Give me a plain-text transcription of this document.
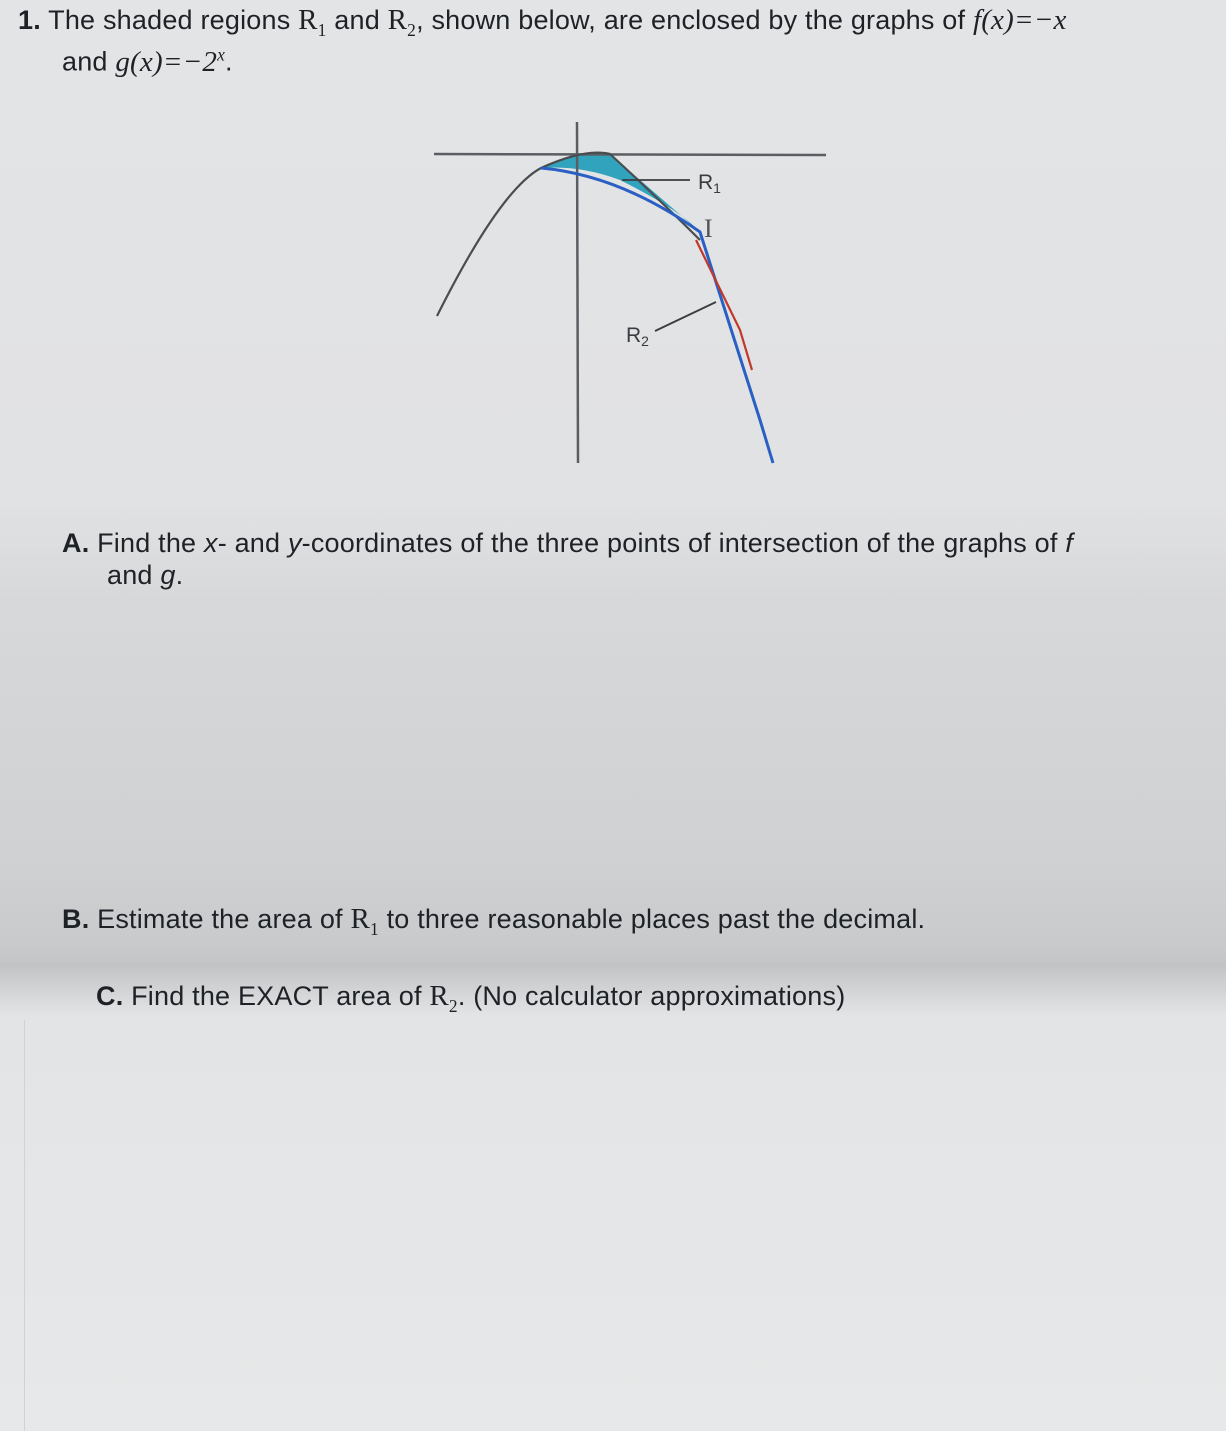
1. The shaded regions $R_1$ and $R_2$, shown below, are enclosed by the graphs of f(x)=−x
and $g(x)=-2^x$.
R1
R2
I
A. Find the x- and y-coordinates of the three points of intersection of the graphs of f
and g.
B. Estimate the area of $R_1$ to three reasonable places past the decimal.
C. Find the EXACT area of $R_2$. (No calculator approximations)
